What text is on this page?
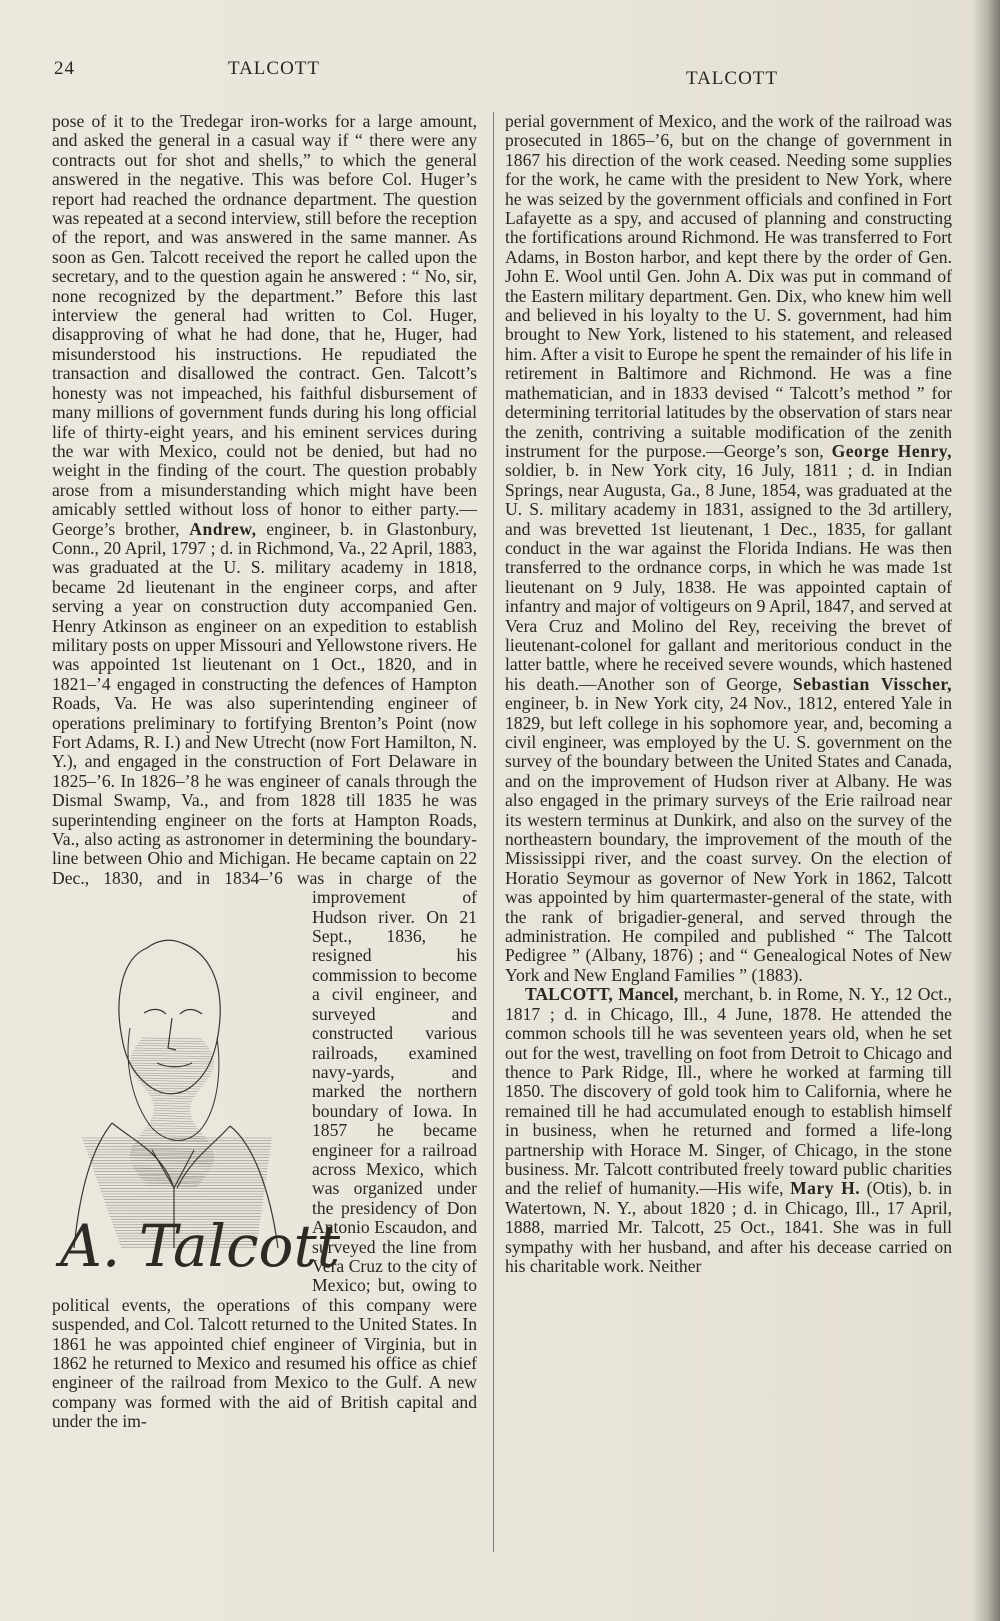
24	TALCOTT	TALCOTT

pose of it to the Tredegar iron-works for a large amount, and asked the general in a casual way if “ there were any contracts out for shot and shells,” to which the general answered in the negative. This was before Col. Huger’s report had reached the ordnance department. The question was repeated at a second interview, still before the reception of the report, and was answered in the same manner. As soon as Gen. Talcott received the report he called upon the secretary, and to the question again he answered : “ No, sir, none recognized by the department.” Before this last interview the general had written to Col. Huger, disapproving of what he had done, that he, Huger, had misunderstood his instructions. He repudiated the transaction and disallowed the contract. Gen. Talcott’s honesty was not impeached, his faithful disbursement of many millions of government funds during his long official life of thirty-eight years, and his eminent services during the war with Mexico, could not be denied, but had no weight in the finding of the court. The question probably arose from a misunderstanding which might have been amicably settled without loss of honor to either party.—George’s brother, Andrew, engineer, b. in Glastonbury, Conn., 20 April, 1797 ; d. in Richmond, Va., 22 April, 1883, was graduated at the U. S. military academy in 1818, became 2d lieutenant in the engineer corps, and after serving a year on construction duty accompanied Gen. Henry Atkinson as engineer on an expedition to establish military posts on upper Missouri and Yellowstone rivers. He was appointed 1st lieutenant on 1 Oct., 1820, and in 1821–’4 engaged in constructing the defences of Hampton Roads, Va. He was also superintending engineer of operations preliminary to fortifying Brenton’s Point (now Fort Adams, R. I.) and New Utrecht (now Fort Hamilton, N. Y.), and engaged in the construction of Fort Delaware in 1825–’6. In 1826–’8 he was engineer of canals through the Dismal Swamp, Va., and from 1828 till 1835 he was superintending engineer on the forts at Hampton Roads, Va., also acting as astronomer in determining the boundary-line between Ohio and Michigan. He became captain on 22 Dec., 1830, and in 1834–’6
A. Talcott
was in charge of the improvement of Hudson river. On 21 Sept., 1836, he resigned his commission to become a civil engineer, and surveyed and constructed various railroads, examined navy-yards, and marked the northern boundary of Iowa. In 1857 he became engineer for a railroad across Mexico, which was organized under the presidency of Don Antonio Escaudon, and surveyed the line from Vera Cruz to the city of Mexico; but, owing to political events, the operations of this company were suspended, and Col. Talcott returned to the United States. In 1861 he was appointed chief engineer of Virginia, but in 1862 he returned to Mexico and resumed his office as chief engineer of the railroad from Mexico to the Gulf. A new company was formed with the aid of British capital and under the im-

perial government of Mexico, and the work of the railroad was prosecuted in 1865–’6, but on the change of government in 1867 his direction of the work ceased. Needing some supplies for the work, he came with the president to New York, where he was seized by the government officials and confined in Fort Lafayette as a spy, and accused of planning and constructing the fortifications around Richmond. He was transferred to Fort Adams, in Boston harbor, and kept there by the order of Gen. John E. Wool until Gen. John A. Dix was put in command of the Eastern military department. Gen. Dix, who knew him well and believed in his loyalty to the U. S. government, had him brought to New York, listened to his statement, and released him. After a visit to Europe he spent the remainder of his life in retirement in Baltimore and Richmond. He was a fine mathematician, and in 1833 devised “ Talcott’s method ” for determining territorial latitudes by the observation of stars near the zenith, contriving a suitable modification of the zenith instrument for the purpose.—George’s son, George Henry, soldier, b. in New York city, 16 July, 1811 ; d. in Indian Springs, near Augusta, Ga., 8 June, 1854, was graduated at the U. S. military academy in 1831, assigned to the 3d artillery, and was brevetted 1st lieutenant, 1 Dec., 1835, for gallant conduct in the war against the Florida Indians. He was then transferred to the ordnance corps, in which he was made 1st lieutenant on 9 July, 1838. He was appointed captain of infantry and major of voltigeurs on 9 April, 1847, and served at Vera Cruz and Molino del Rey, receiving the brevet of lieutenant-colonel for gallant and meritorious conduct in the latter battle, where he received severe wounds, which hastened his death.—Another son of George, Sebastian Visscher, engineer, b. in New York city, 24 Nov., 1812, entered Yale in 1829, but left college in his sophomore year, and, becoming a civil engineer, was employed by the U. S. government on the survey of the boundary between the United States and Canada, and on the improvement of Hudson river at Albany. He was also engaged in the primary surveys of the Erie railroad near its western terminus at Dunkirk, and also on the survey of the northeastern boundary, the improvement of the mouth of the Mississippi river, and the coast survey. On the election of Horatio Seymour as governor of New York in 1862, Talcott was appointed by him quartermaster-general of the state, with the rank of brigadier-general, and served through the administration. He compiled and published “ The Talcott Pedigree ” (Albany, 1876) ; and “ Genealogical Notes of New York and New England Families ” (1883).

TALCOTT, Mancel, merchant, b. in Rome, N. Y., 12 Oct., 1817 ; d. in Chicago, Ill., 4 June, 1878. He attended the common schools till he was seventeen years old, when he set out for the west, travelling on foot from Detroit to Chicago and thence to Park Ridge, Ill., where he worked at farming till 1850. The discovery of gold took him to California, where he remained till he had accumulated enough to establish himself in business, when he returned and formed a life-long partnership with Horace M. Singer, of Chicago, in the stone business. Mr. Talcott contributed freely toward public charities and the relief of humanity.—His wife, Mary H. (Otis), b. in Watertown, N. Y., about 1820 ; d. in Chicago, Ill., 17 April, 1888, married Mr. Talcott, 25 Oct., 1841. She was in full sympathy with her husband, and after his decease carried on his charitable work. Neither
